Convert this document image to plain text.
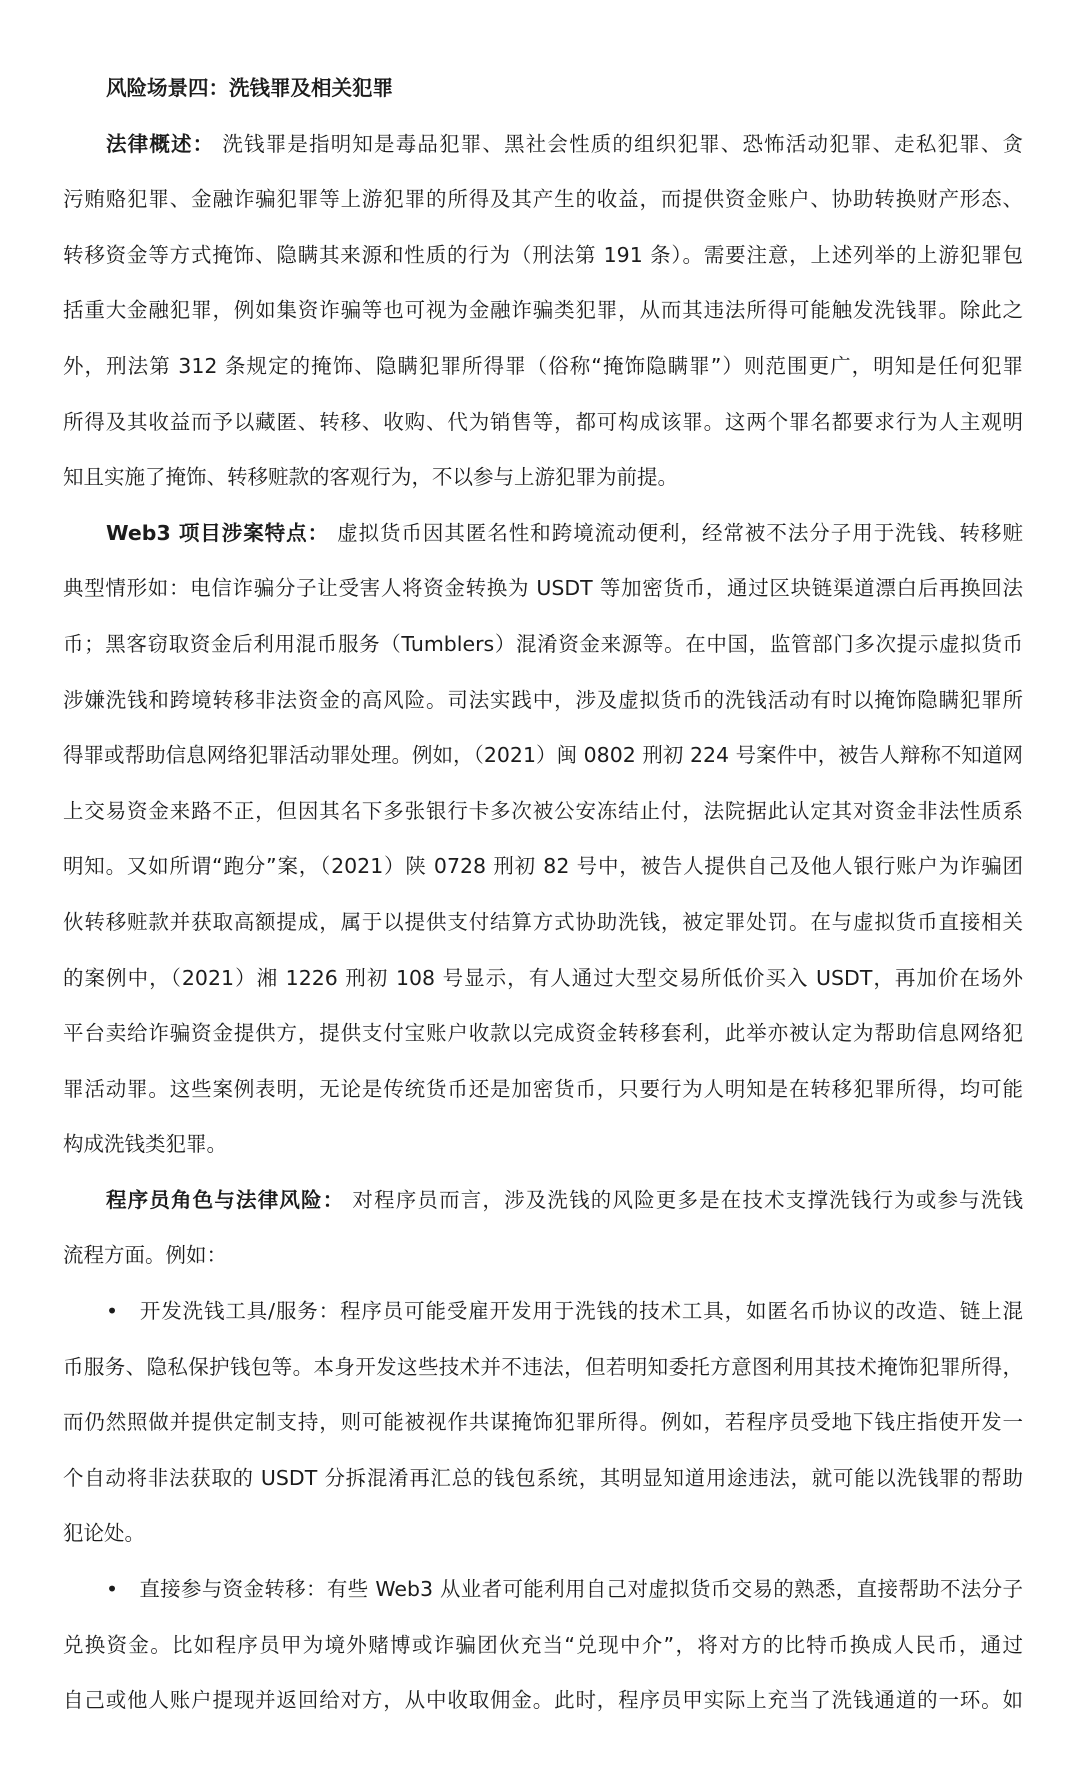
风险场景四：洗钱罪及相关犯罪
法律概述： 洗钱罪是指明知是毒品犯罪、黑社会性质的组织犯罪、恐怖活动犯罪、走私犯罪、贪
污贿赂犯罪、金融诈骗犯罪等上游犯罪的所得及其产生的收益，而提供资金账户、协助转换财产形态、
转移资金等方式掩饰、隐瞒其来源和性质的行为（刑法第 191 条）。需要注意，上述列举的上游犯罪包
括重大金融犯罪，例如集资诈骗等也可视为金融诈骗类犯罪，从而其违法所得可能触发洗钱罪。除此之
外，刑法第 312 条规定的掩饰、隐瞒犯罪所得罪（俗称“掩饰隐瞒罪”）则范围更广，明知是任何犯罪
所得及其收益而予以藏匿、转移、收购、代为销售等，都可构成该罪。这两个罪名都要求行为人主观明
知且实施了掩饰、转移赃款的客观行为，不以参与上游犯罪为前提。
Web3 项目涉案特点： 虚拟货币因其匿名性和跨境流动便利，经常被不法分子用于洗钱、转移赃
典型情形如：电信诈骗分子让受害人将资金转换为 USDT 等加密货币，通过区块链渠道漂白后再换回法
币；黑客窃取资金后利用混币服务（Tumblers）混淆资金来源等。在中国，监管部门多次提示虚拟货币
涉嫌洗钱和跨境转移非法资金的高风险。司法实践中，涉及虚拟货币的洗钱活动有时以掩饰隐瞒犯罪所
得罪或帮助信息网络犯罪活动罪处理。例如，（2021）闽 0802 刑初 224 号案件中，被告人辩称不知道网
上交易资金来路不正，但因其名下多张银行卡多次被公安冻结止付，法院据此认定其对资金非法性质系
明知。又如所谓“跑分”案，（2021）陕 0728 刑初 82 号中，被告人提供自己及他人银行账户为诈骗团
伙转移赃款并获取高额提成，属于以提供支付结算方式协助洗钱，被定罪处罚。在与虚拟货币直接相关
的案例中，（2021）湘 1226 刑初 108 号显示，有人通过大型交易所低价买入 USDT，再加价在场外
平台卖给诈骗资金提供方，提供支付宝账户收款以完成资金转移套利，此举亦被认定为帮助信息网络犯
罪活动罪。这些案例表明，无论是传统货币还是加密货币，只要行为人明知是在转移犯罪所得，均可能
构成洗钱类犯罪。
程序员角色与法律风险： 对程序员而言，涉及洗钱的风险更多是在技术支撑洗钱行为或参与洗钱
流程方面。例如：
• 开发洗钱工具/服务：程序员可能受雇开发用于洗钱的技术工具，如匿名币协议的改造、链上混
币服务、隐私保护钱包等。本身开发这些技术并不违法，但若明知委托方意图利用其技术掩饰犯罪所得，
而仍然照做并提供定制支持，则可能被视作共谋掩饰犯罪所得。例如，若程序员受地下钱庄指使开发一
个自动将非法获取的 USDT 分拆混淆再汇总的钱包系统，其明显知道用途违法，就可能以洗钱罪的帮助
犯论处。
• 直接参与资金转移：有些 Web3 从业者可能利用自己对虚拟货币交易的熟悉，直接帮助不法分子
兑换资金。比如程序员甲为境外赌博或诈骗团伙充当“兑现中介”，将对方的比特币换成人民币，通过
自己或他人账户提现并返回给对方，从中收取佣金。此时，程序员甲实际上充当了洗钱通道的一环。如
